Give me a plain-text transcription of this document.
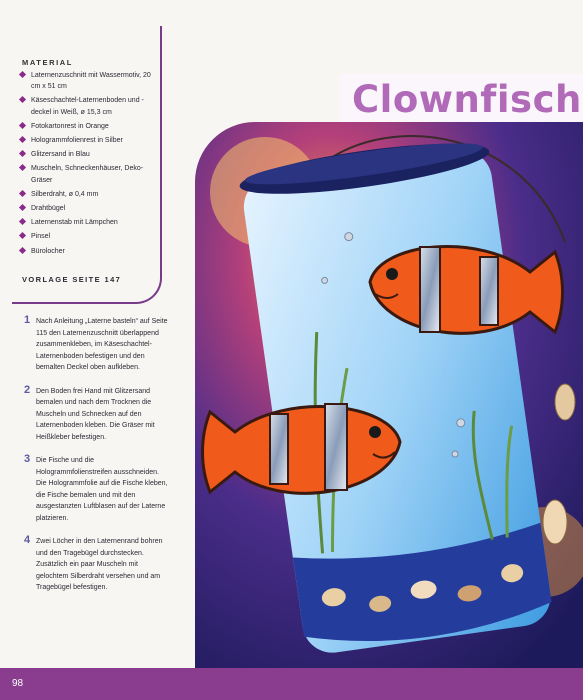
MATERIAL
Laternenzuschnitt mit Wassermotiv, 20 cm x 51 cm
Käseschachtel-Laternenboden und -deckel in Weiß, ø 15,3 cm
Fotokartonrest in Orange
Hologrammfolienrest in Silber
Glitzersand in Blau
Muscheln, Schneckenhäuser, Deko-Gräser
Silberdraht, ø 0,4 mm
Drahtbügel
Laternenstab mit Lämpchen
Pinsel
Bürolocher
VORLAGE SEITE 147
1 Nach Anleitung „Laterne basteln“ auf Seite 115 den Laternenzuschnitt überlappend zusammenkleben, im Käseschachtel-Laternenboden befestigen und den bemalten Deckel oben aufkleben.
2 Den Boden frei Hand mit Glitzersand bemalen und nach dem Trocknen die Muscheln und Schnecken auf den Laternenboden kleben. Die Gräser mit Heißkleber befestigen.
3 Die Fische und die Hologrammfolienstreifen ausschneiden. Die Hologrammfolie auf die Fische kleben, die Fische bemalen und mit den ausgestanzten Luftblasen auf der Laterne platzieren.
4 Zwei Löcher in den Laternenrand bohren und den Tragebügel durchstecken. Zusätzlich ein paar Muscheln mit gelochtem Silberdraht versehen und am Tragebügel befestigen.
Clownfisch
98
